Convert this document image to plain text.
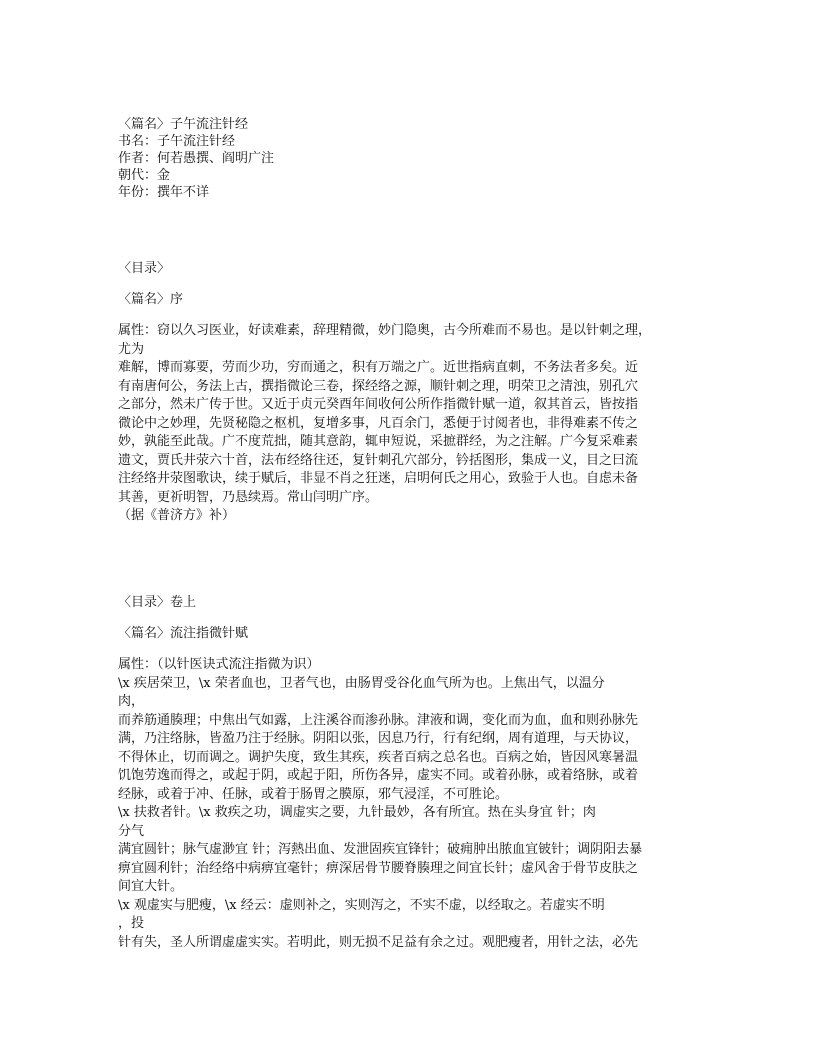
〈篇名〉子午流注针经
书名：子午流注针经
作者：何若愚撰、阎明广注
朝代：金
年份：撰年不详
〈目录〉
〈篇名〉序
属性：窃以久习医业，好读难素，辞理精微，妙门隐奥，古今所难而不易也。是以针刺之理，
尤为
难解，博而寡要，劳而少功，穷而通之，积有万端之广。近世指病直刺，不务法者多矣。近
有南唐何公，务法上古，撰指微论三卷，探经络之源，顺针刺之理，明荣卫之清浊，别孔穴
之部分，然未广传于世。又近于贞元癸酉年间收何公所作指微针赋一道，叙其首云，皆按指
微论中之妙理，先贤秘隐之枢机，复增多事，凡百余门，悉便于讨阅者也，非得难素不传之
妙，孰能至此哉。广不度荒拙，随其意韵，辄申短说，采摭群经，为之注解。广今复采难素
遗文，贾氏井荥六十首，法布经络往还，复针刺孔穴部分，钤括图形，集成一义，目之曰流
注经络井荥图歌诀，续于赋后，非显不肖之狂迷，启明何氏之用心，致验于人也。自虑未备
其善，更祈明智，乃恳续焉。常山闫明广序。
（据《普济方》补）
〈目录〉卷上
〈篇名〉流注指微针赋
属性：（以针医诀式流注指微为识）
\x 疾居荣卫，\x 荣者血也，卫者气也，由肠胃受谷化血气所为也。上焦出气，以温分
肉，
而养筋通腠理；中焦出气如露，上注溪谷而渗孙脉。津液和调，变化而为血，血和则孙脉先
满，乃注络脉，皆盈乃注于经脉。阴阳以张，因息乃行，行有纪纲，周有道理，与天协议，
不得休止，切而调之。调护失度，致生其疾，疾者百病之总名也。百病之始，皆因风寒暑温
饥饱劳逸而得之，或起于阴，或起于阳，所伤各异，虚实不同。或着孙脉，或着络脉，或着
经脉，或着于冲、任脉，或着于肠胃之膜原，邪气浸淫，不可胜论。
\x 扶救者针。\x 救疾之功，调虚实之要，九针最妙，各有所宜。热在头身宜 针；肉
分气
满宜圆针；脉气虚渺宜 针；泻熱出血、发泄固疾宜锋针；破痈肿出脓血宜铍针；调阴阳去暴
痹宜圆利针；治经络中病痹宜毫针；痹深居骨节腰脊腠理之间宜长针；虚风舍于骨节皮肤之
间宜大针。
\x 观虚实与肥瘦，\x 经云：虚则补之，实则泻之，不实不虚，以经取之。若虚实不明
，投
针有失，圣人所谓虚虚实实。若明此，则无损不足益有余之过。观肥瘦者，用针之法，必先
